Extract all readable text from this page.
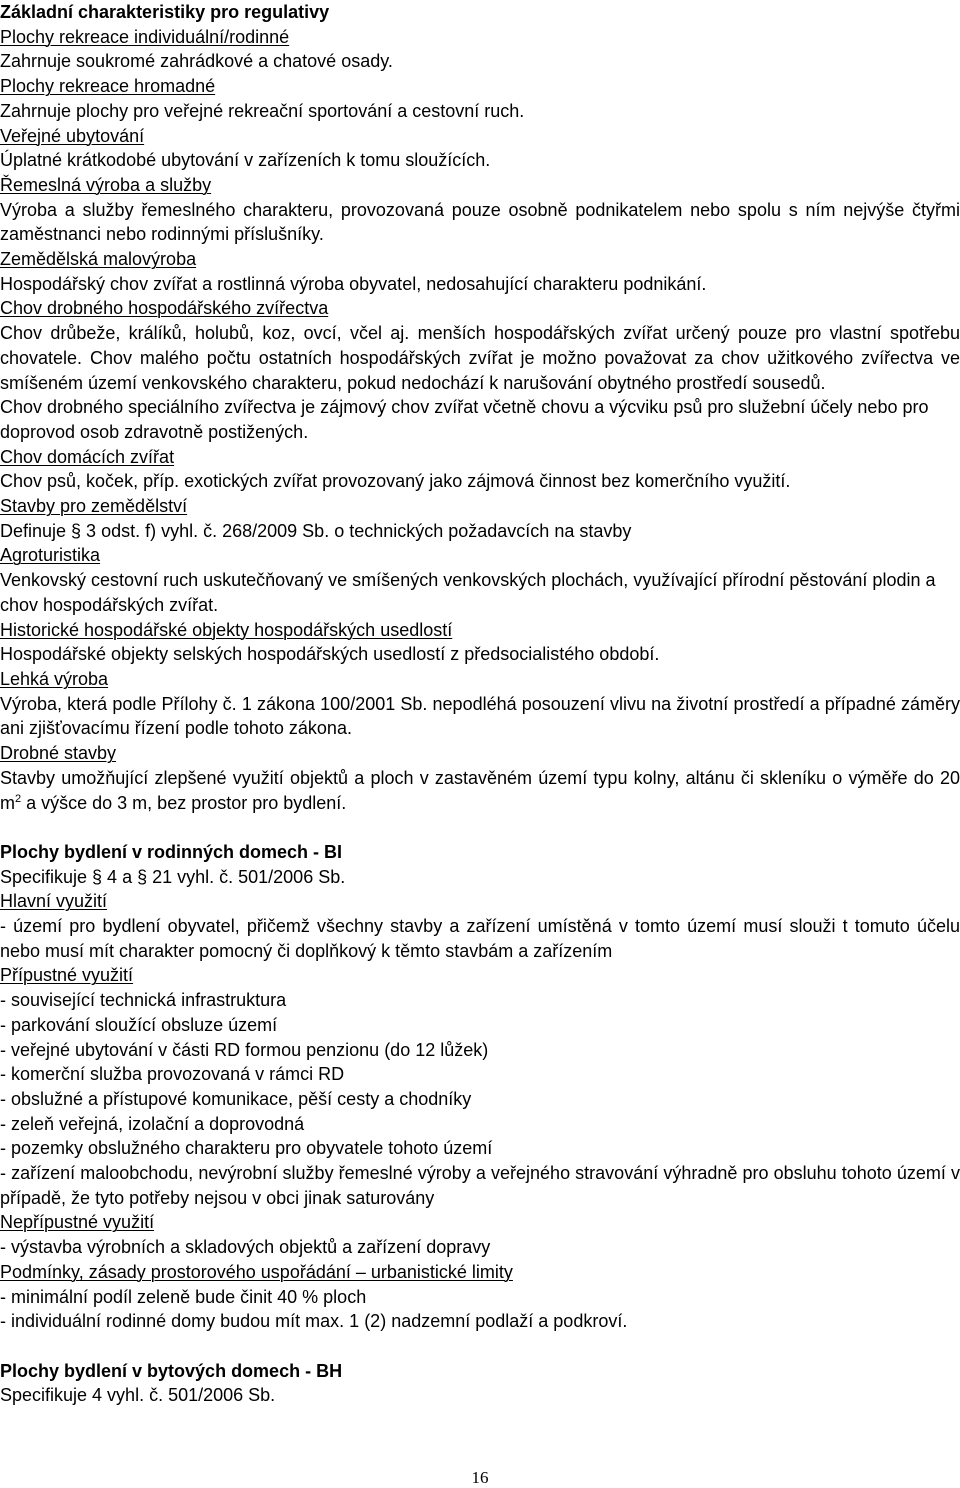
Základní charakteristiky pro regulativy

Plochy rekreace individuální/rodinné

Zahrnuje soukromé zahrádkové a chatové osady.

Plochy rekreace hromadné

Zahrnuje plochy pro veřejné rekreační sportování a cestovní ruch.

Veřejné ubytování

Úplatné krátkodobé ubytování v zařízeních k tomu sloužících.

Řemeslná výroba a služby

Výroba a služby řemeslného charakteru, provozovaná pouze osobně podnikatelem nebo spolu s ním nejvýše čtyřmi zaměstnanci nebo rodinnými příslušníky.

Zemědělská malovýroba

Hospodářský chov zvířat a rostlinná výroba obyvatel, nedosahující charakteru podnikání.

Chov drobného hospodářského zvířectva

Chov drůbeže, králíků, holubů, koz, ovcí, včel aj. menších hospodářských zvířat určený pouze pro vlastní spotřebu chovatele. Chov malého počtu ostatních hospodářských zvířat je možno považovat za chov užitkového zvířectva ve smíšeném území venkovského charakteru, pokud nedochází k narušování obytného prostředí sousedů.

Chov drobného speciálního zvířectva je zájmový chov zvířat včetně chovu a výcviku psů pro služební účely nebo pro doprovod osob zdravotně postižených.

Chov domácích zvířat

Chov psů, koček, příp. exotických zvířat provozovaný jako zájmová činnost bez komerčního využití.

Stavby pro zemědělství

Definuje § 3 odst. f) vyhl. č. 268/2009 Sb. o technických požadavcích na stavby

Agroturistika

Venkovský cestovní ruch uskutečňovaný ve smíšených venkovských plochách, využívající přírodní pěstování plodin a chov hospodářských zvířat.

Historické hospodářské objekty hospodářských usedlostí

Hospodářské objekty selských hospodářských usedlostí z předsocialistého období.

Lehká výroba

Výroba, která podle Přílohy č. 1 zákona 100/2001 Sb. nepodléhá posouzení vlivu na životní prostředí a případné záměry ani zjišťovacímu řízení podle tohoto zákona.

Drobné stavby

Stavby umožňující zlepšené využití objektů a ploch v zastavěném území typu kolny, altánu či skleníku o výměře do 20 $m^2$ a výšce do 3 m, bez prostor pro bydlení.

Plochy bydlení v rodinných domech - BI

Specifikuje § 4 a § 21 vyhl. č. 501/2006 Sb.

Hlavní využití

- území pro bydlení obyvatel, přičemž všechny stavby a zařízení umístěná v tomto území musí slouži t tomuto účelu nebo musí mít charakter pomocný či doplňkový k těmto stavbám a zařízením

Přípustné využití

- související technická infrastruktura

- parkování sloužící obsluze území

- veřejné ubytování v části RD formou penzionu (do 12 lůžek)

- komerční služba provozovaná v rámci RD

- obslužné a přístupové komunikace, pěší cesty a chodníky

- zeleň veřejná, izolační a doprovodná

- pozemky obslužného charakteru pro obyvatele tohoto území

- zařízení maloobchodu, nevýrobní služby řemeslné výroby a veřejného stravování výhradně pro obsluhu tohoto území v případě, že tyto potřeby nejsou v obci jinak saturovány

Nepřípustné využití

- výstavba výrobních a skladových objektů a zařízení dopravy

Podmínky, zásady prostorového uspořádání – urbanistické limity

- minimální podíl zeleně bude činit 40 % ploch

- individuální rodinné domy budou mít max. 1 (2) nadzemní podlaží a podkroví.

Plochy bydlení v bytových domech - BH

Specifikuje 4 vyhl. č. 501/2006 Sb.

16
